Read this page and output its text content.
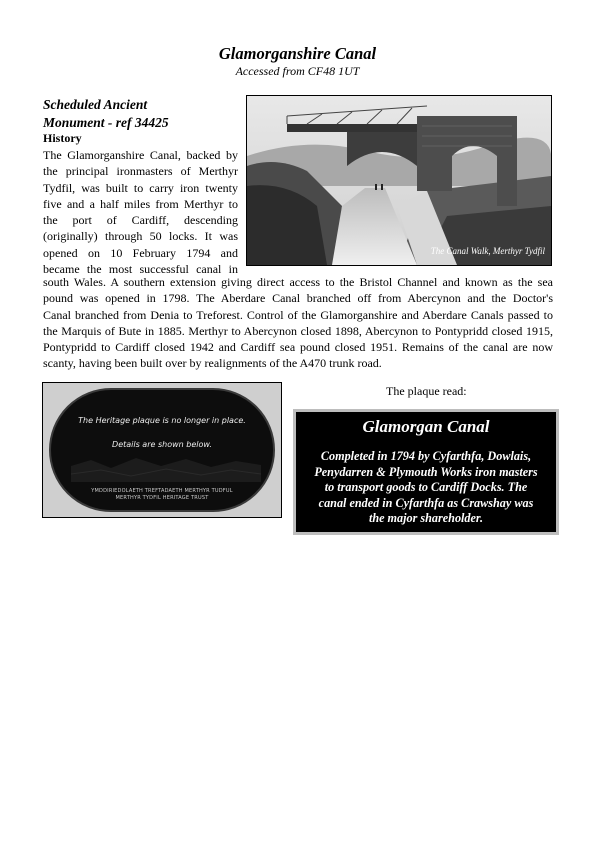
Glamorganshire Canal
Accessed from CF48 1UT
Scheduled Ancient
Monument - ref 34425
History
The Glamorganshire Canal, backed by
the principal ironmasters of Merthyr
Tydfil, was built to carry iron twenty
five and a half miles from Merthyr to
the port of Cardiff, descending
(originally) through 50 locks. It was
opened on 10 February 1794 and
became the most successful canal in
The Canal Walk, Merthyr Tydfil
south Wales. A southern extension giving direct access to the Bristol Channel and known as the sea
pound was opened in 1798. The Aberdare Canal branched off from Abercynon and the Doctor's
Canal branched from Denia to Treforest. Control of the Glamorganshire and Aberdare Canals passed to
the Marquis of Bute in 1885. Merthyr to Abercynon closed 1898, Abercynon to Pontypridd closed 1915,
Pontypridd to Cardiff closed 1942 and Cardiff sea pound closed 1951. Remains of the canal are now
scanty, having been built over by realignments of the A470 trunk road.
The Heritage plaque is no longer in place.
Details are shown below.
YMDDIRIEDOLAETH TREFTADAETH MERTHYR TUDFUL
MERTHYR TYDFIL HERITAGE TRUST
The plaque read:
Glamorgan Canal
Completed in 1794 by Cyfarthfa, Dowlais,
Penydarren & Plymouth Works iron masters
to transport goods to Cardiff Docks. The
canal ended in Cyfarthfa as Crawshay was
the major shareholder.
